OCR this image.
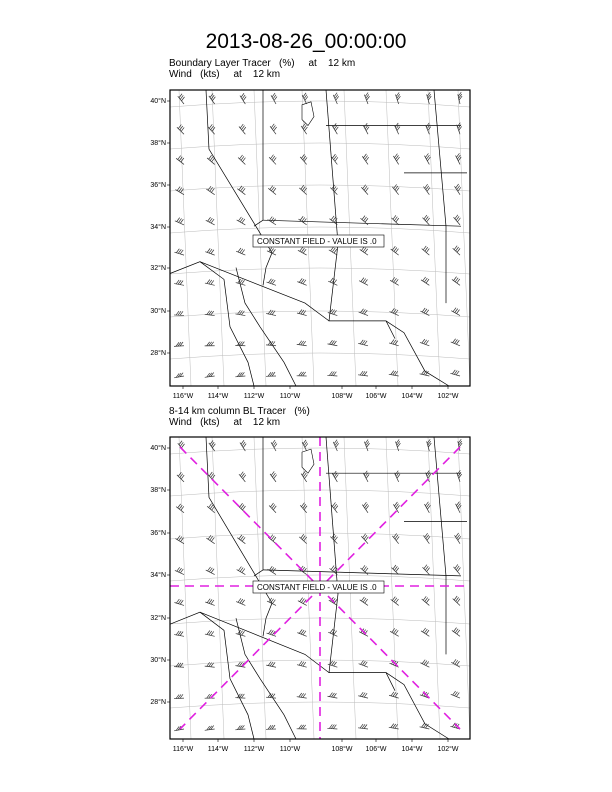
2013-08-26_00:00:00
Boundary Layer Tracer   (%)     at    12 km
Wind   (kts)     at    12 km
8-14 km column BL Tracer   (%)
Wind   (kts)     at    12 km
CONSTANT FIELD - VALUE IS .0
40°N
38°N
36°N
34°N
32°N
30°N
28°N
116°W 114°W 112°W 110°W	108°W 106°W 104°W 102°W
CONSTANT FIELD - VALUE IS .0
40°N
38°N
36°N
34°N
32°N
30°N
28°N
116°W 114°W 112°W 110°W	108°W 106°W 104°W 102°W
